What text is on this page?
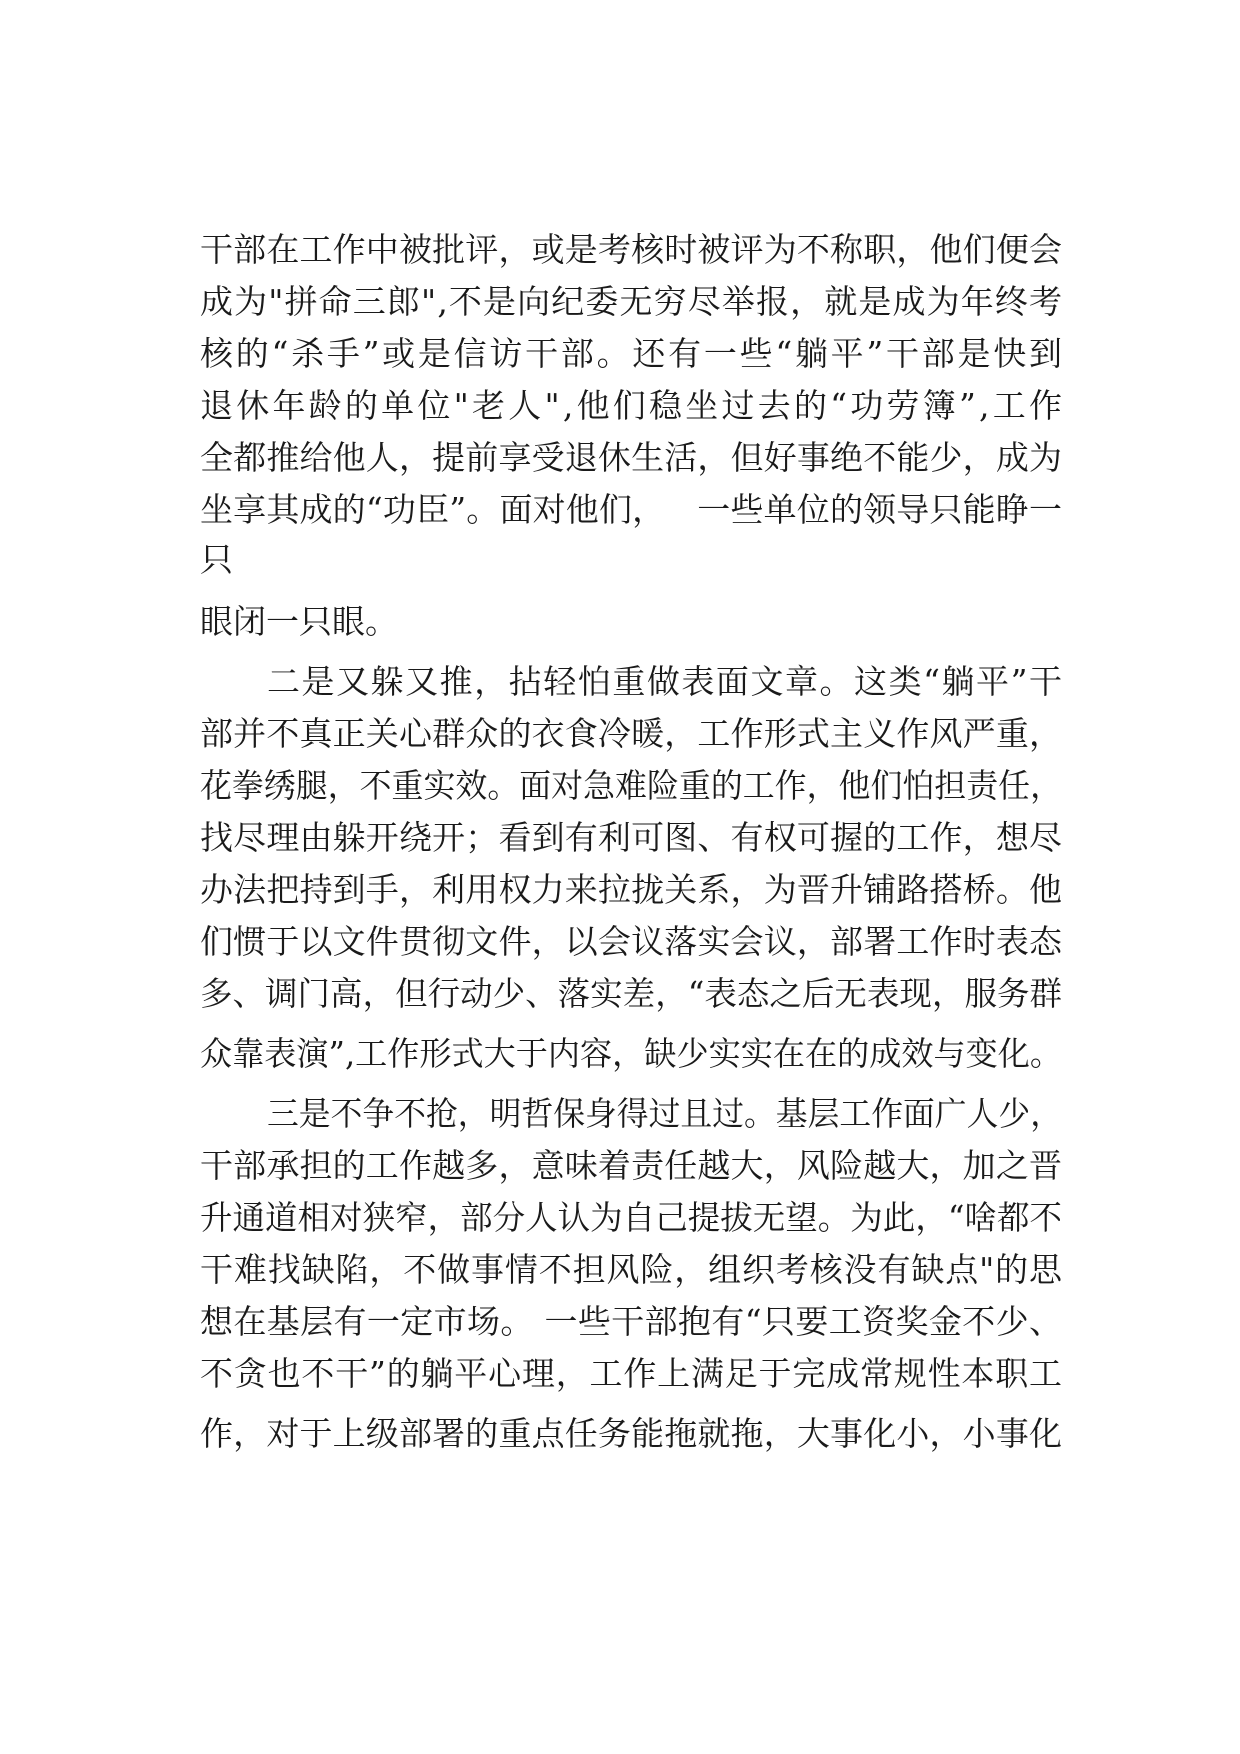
干部在工作中被批评，或是考核时被评为不称职，他们便会
成为"拼命三郎",不是向纪委无穷尽举报，就是成为年终考
核的“杀手”或是信访干部。还有一些“躺平”干部是快到
退休年龄的单位"老人",他们稳坐过去的“功劳簿”,工作
全都推给他人，提前享受退休生活，但好事绝不能少，成为
坐享其成的“功臣”。面对他们，   一些单位的领导只能睁一
只
眼闭一只眼。
二是又躲又推，拈轻怕重做表面文章。这类“躺平”干
部并不真正关心群众的衣食冷暖，工作形式主义作风严重，
花拳绣腿，不重实效。面对急难险重的工作，他们怕担责任，
找尽理由躲开绕开；看到有利可图、有权可握的工作，想尽
办法把持到手，利用权力来拉拢关系，为晋升铺路搭桥。他
们惯于以文件贯彻文件，以会议落实会议，部署工作时表态
多、调门高，但行动少、落实差，“表态之后无表现，服务群
众靠表演”,工作形式大于内容，缺少实实在在的成效与变化。
三是不争不抢，明哲保身得过且过。基层工作面广人少，
干部承担的工作越多，意味着责任越大，风险越大，加之晋
升通道相对狭窄，部分人认为自己提拔无望。为此，“啥都不
干难找缺陷，不做事情不担风险，组织考核没有缺点"的思
想在基层有一定市场。 一些干部抱有“只要工资奖金不少、
不贪也不干”的躺平心理，工作上满足于完成常规性本职工
作，对于上级部署的重点任务能拖就拖，大事化小，小事化
